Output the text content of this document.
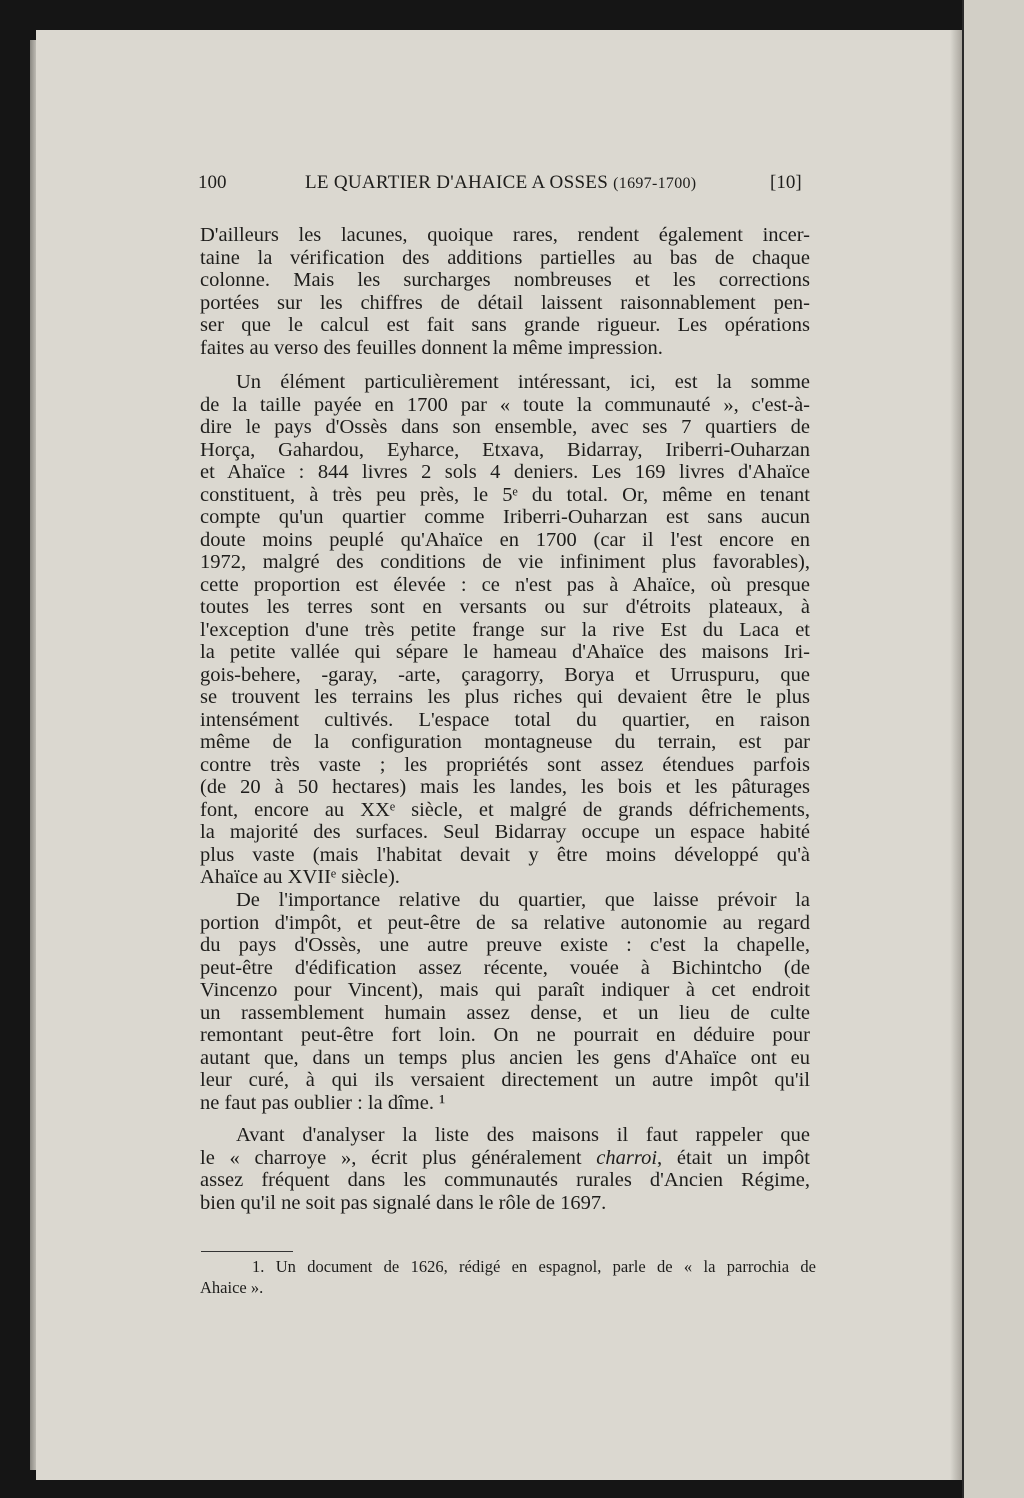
100	LE QUARTIER D'AHAICE A OSSES (1697-1700)	[10]
D'ailleurs les lacunes, quoique rares, rendent également incer-
taine la vérification des additions partielles au bas de chaque
colonne. Mais les surcharges nombreuses et les corrections
portées sur les chiffres de détail laissent raisonnablement pen-
ser que le calcul est fait sans grande rigueur. Les opérations
faites au verso des feuilles donnent la même impression.
Un élément particulièrement intéressant, ici, est la somme
de la taille payée en 1700 par « toute la communauté », c'est-à-
dire le pays d'Ossès dans son ensemble, avec ses 7 quartiers de
Horça, Gahardou, Eyharce, Etxava, Bidarray, Iriberri-Ouharzan
et Ahaïce : 844 livres 2 sols 4 deniers. Les 169 livres d'Ahaïce
constituent, à très peu près, le 5ᵉ du total. Or, même en tenant
compte qu'un quartier comme Iriberri-Ouharzan est sans aucun
doute moins peuplé qu'Ahaïce en 1700 (car il l'est encore en
1972, malgré des conditions de vie infiniment plus favorables),
cette proportion est élevée : ce n'est pas à Ahaïce, où presque
toutes les terres sont en versants ou sur d'étroits plateaux, à
l'exception d'une très petite frange sur la rive Est du Laca et
la petite vallée qui sépare le hameau d'Ahaïce des maisons Iri-
gois-behere, -garay, -arte, çaragorry, Borya et Urruspuru, que
se trouvent les terrains les plus riches qui devaient être le plus
intensément cultivés. L'espace total du quartier, en raison
même de la configuration montagneuse du terrain, est par
contre très vaste ; les propriétés sont assez étendues parfois
(de 20 à 50 hectares) mais les landes, les bois et les pâturages
font, encore au XXᵉ siècle, et malgré de grands défrichements,
la majorité des surfaces. Seul Bidarray occupe un espace habité
plus vaste (mais l'habitat devait y être moins développé qu'à
Ahaïce au XVIIᵉ siècle).
De l'importance relative du quartier, que laisse prévoir la
portion d'impôt, et peut-être de sa relative autonomie au regard
du pays d'Ossès, une autre preuve existe : c'est la chapelle,
peut-être d'édification assez récente, vouée à Bichintcho (de
Vincenzo pour Vincent), mais qui paraît indiquer à cet endroit
un rassemblement humain assez dense, et un lieu de culte
remontant peut-être fort loin. On ne pourrait en déduire pour
autant que, dans un temps plus ancien les gens d'Ahaïce ont eu
leur curé, à qui ils versaient directement un autre impôt qu'il
ne faut pas oublier : la dîme. ¹
Avant d'analyser la liste des maisons il faut rappeler que
le « charroye », écrit plus généralement charroi, était un impôt
assez fréquent dans les communautés rurales d'Ancien Régime,
bien qu'il ne soit pas signalé dans le rôle de 1697.
1. Un document de 1626, rédigé en espagnol, parle de « la parrochia de
Ahaice ».
